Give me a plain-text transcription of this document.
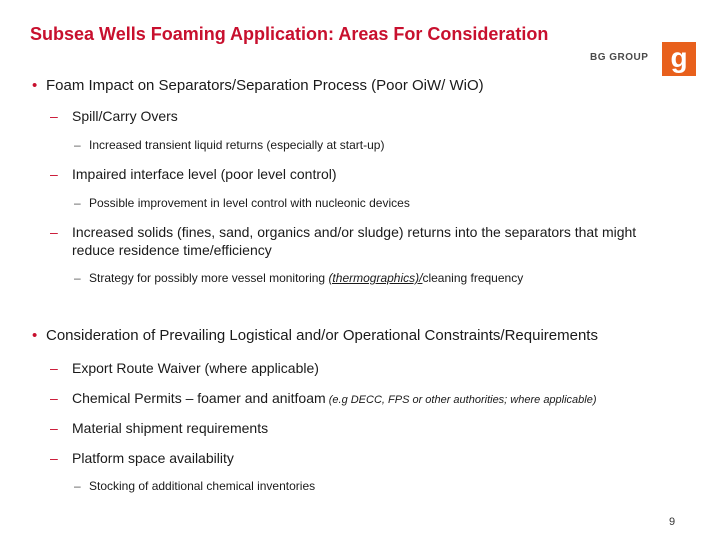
Subsea Wells Foaming Application: Areas For Consideration
BG GROUP g
• Foam Impact on Separators/Separation Process (Poor OiW/ WiO)
– Spill/Carry Overs
– Increased transient liquid returns (especially at start-up)
– Impaired interface level (poor level control)
– Possible improvement in level control with nucleonic devices
– Increased solids (fines, sand, organics and/or sludge) returns into the separators that might
reduce residence time/efficiency
– Strategy for possibly more vessel monitoring (thermographics)/cleaning frequency
• Consideration of Prevailing Logistical and/or Operational Constraints/Requirements
– Export Route Waiver (where applicable)
– Chemical Permits – foamer and anitfoam (e.g DECC, FPS or other authorities; where applicable)
– Material shipment requirements
– Platform space availability
– Stocking of additional chemical inventories
9
